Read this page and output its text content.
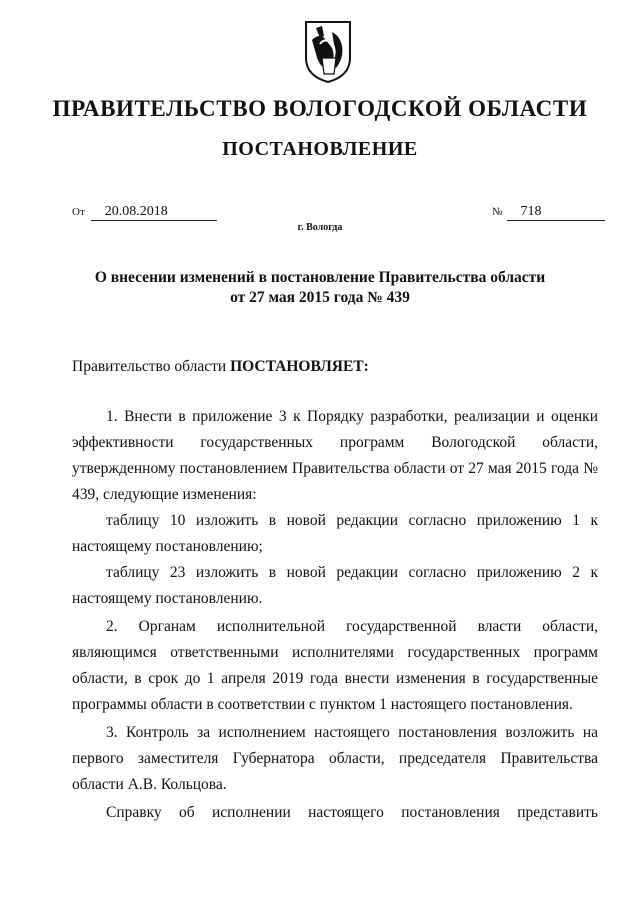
ПРАВИТЕЛЬСТВО ВОЛОГОДСКОЙ ОБЛАСТИ
ПОСТАНОВЛЕНИЕ
От 20.08.2018	№ 718
г. Вологда
О внесении изменений в постановление Правительства области
от 27 мая 2015 года № 439

Правительство области ПОСТАНОВЛЯЕТ:

1. Внести в приложение 3 к Порядку разработки, реализации и оценки эффективности государственных программ Вологодской области, утвержденному постановлением Правительства области от 27 мая 2015 года № 439, следующие изменения:

таблицу 10 изложить в новой редакции согласно приложению 1 к настоящему постановлению;

таблицу 23 изложить в новой редакции согласно приложению 2 к настоящему постановлению.

2. Органам исполнительной государственной власти области, являющимся ответственными исполнителями государственных программ области, в срок до 1 апреля 2019 года внести изменения в государственные программы области в соответствии с пунктом 1 настоящего постановления.

3. Контроль за исполнением настоящего постановления возложить на первого заместителя Губернатора области, председателя Правительства области А.В. Кольцова.

Справку об исполнении настоящего постановления представить
